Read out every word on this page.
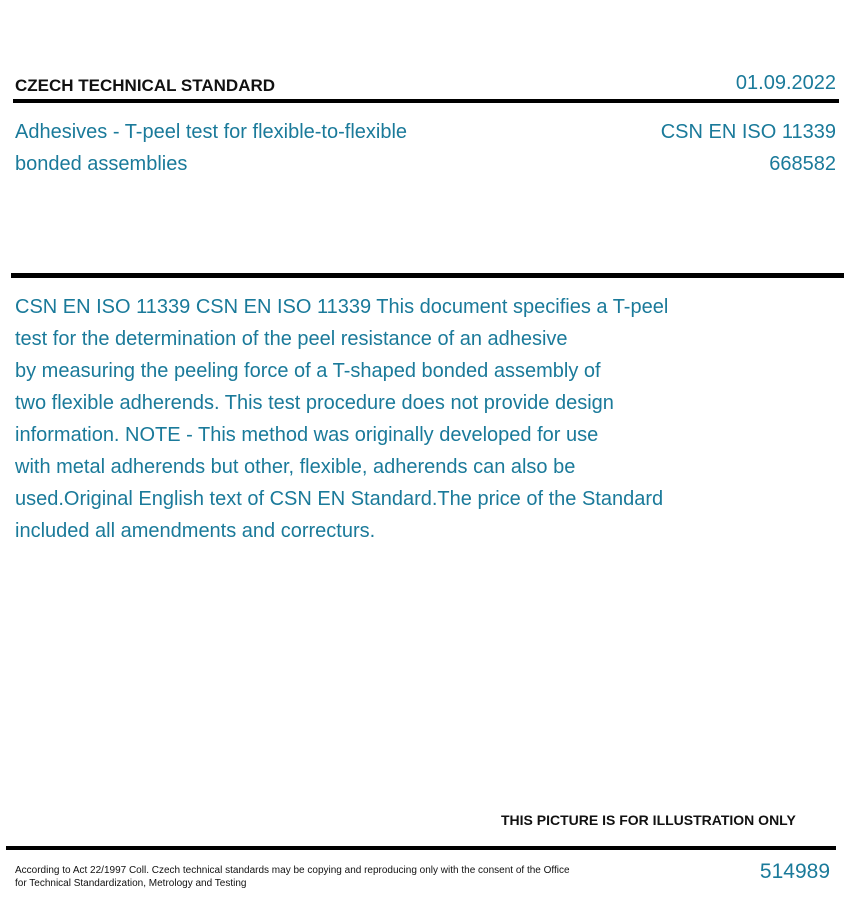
CZECH TECHNICAL STANDARD	01.09.2022
Adhesives - T-peel test for flexible-to-flexible
bonded assemblies
CSN EN ISO 11339
668582
CSN EN ISO 11339 CSN EN ISO 11339 This document specifies a T-peel
test for the determination of the peel resistance of an adhesive
by measuring the peeling force of a T-shaped bonded assembly of
two flexible adherends. This test procedure does not provide design
information. NOTE - This method was originally developed for use
with metal adherends but other, flexible, adherends can also be
used.Original English text of CSN EN Standard.The price of the Standard
included all amendments and correcturs.
THIS PICTURE IS FOR ILLUSTRATION ONLY
According to Act 22/1997 Coll. Czech technical standards may be copying and reproducing only with the consent of the Office
for Technical Standardization, Metrology and Testing
514989
